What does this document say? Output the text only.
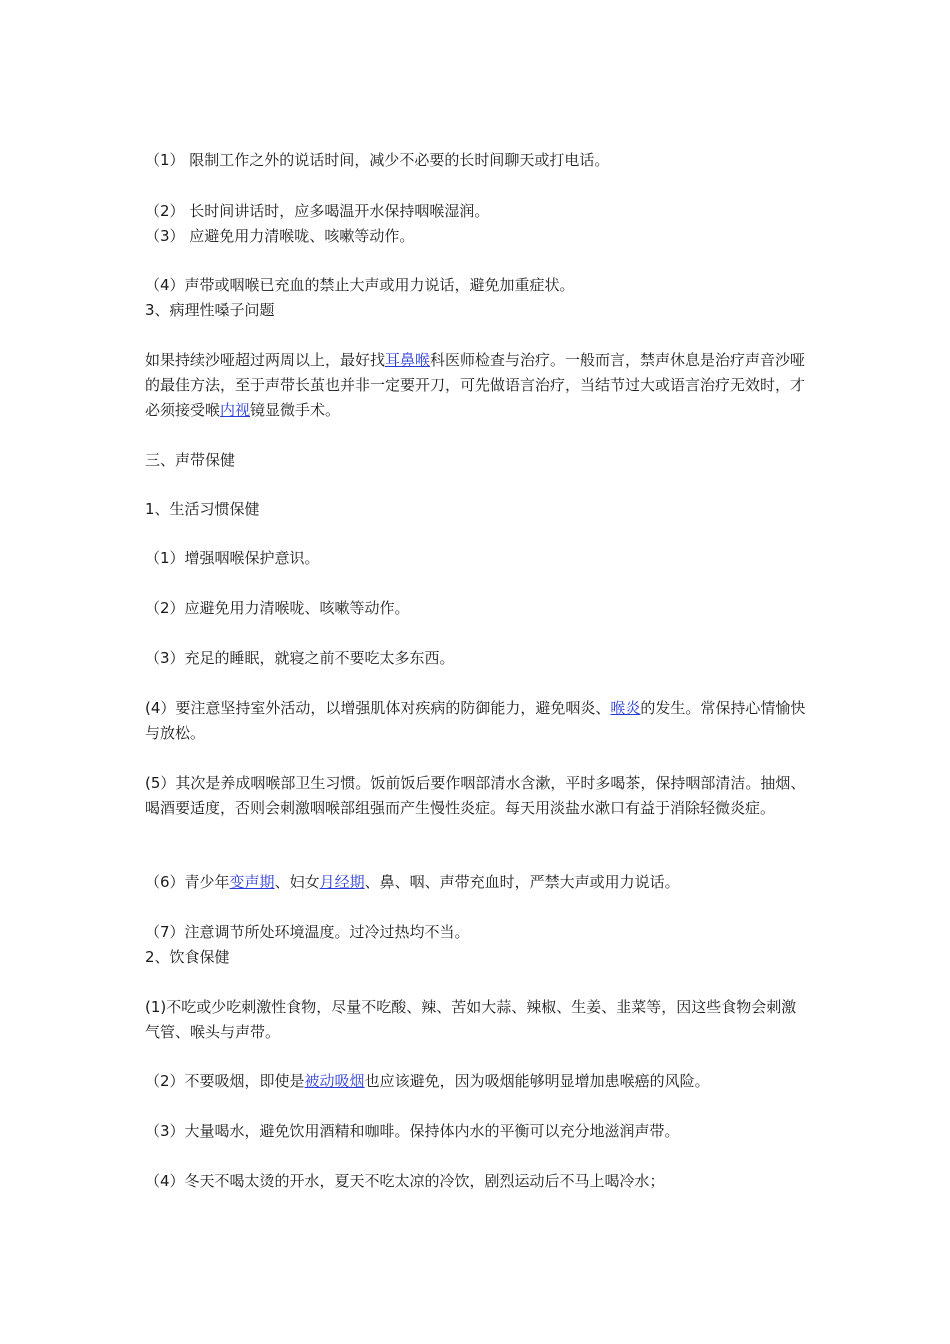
（1） 限制工作之外的说话时间，减少不必要的长时间聊天或打电话。
（2） 长时间讲话时，应多喝温开水保持咽喉湿润。
（3） 应避免用力清喉咙、咳嗽等动作。
（4）声带或咽喉已充血的禁止大声或用力说话，避免加重症状。
3、病理性嗓子问题
如果持续沙哑超过两周以上，最好找耳鼻喉科医师检查与治疗。一般而言，禁声休息是治疗声音沙哑的最佳方法，至于声带长茧也并非一定要开刀，可先做语言治疗，当结节过大或语言治疗无效时，才必须接受喉内视镜显微手术。
三、声带保健
1、生活习惯保健
（1）增强咽喉保护意识。
（2）应避免用力清喉咙、咳嗽等动作。
（3）充足的睡眠，就寝之前不要吃太多东西。
(4）要注意坚持室外活动，以增强肌体对疾病的防御能力，避免咽炎、喉炎的发生。常保持心情愉快与放松。
(5）其次是养成咽喉部卫生习惯。饭前饭后要作咽部清水含漱，平时多喝茶，保持咽部清洁。抽烟、喝酒要适度，否则会刺激咽喉部组强而产生慢性炎症。每天用淡盐水漱口有益于消除轻微炎症。
（6）青少年变声期、妇女月经期、鼻、咽、声带充血时，严禁大声或用力说话。
（7）注意调节所处环境温度。过冷过热均不当。
2、饮食保健
(1)不吃或少吃刺激性食物，尽量不吃酸、辣、苦如大蒜、辣椒、生姜、韭菜等，因这些食物会刺激气管、喉头与声带。
（2）不要吸烟，即使是被动吸烟也应该避免，因为吸烟能够明显增加患喉癌的风险。
（3）大量喝水，避免饮用酒精和咖啡。保持体内水的平衡可以充分地滋润声带。
（4）冬天不喝太烫的开水，夏天不吃太凉的冷饮，剧烈运动后不马上喝冷水；
